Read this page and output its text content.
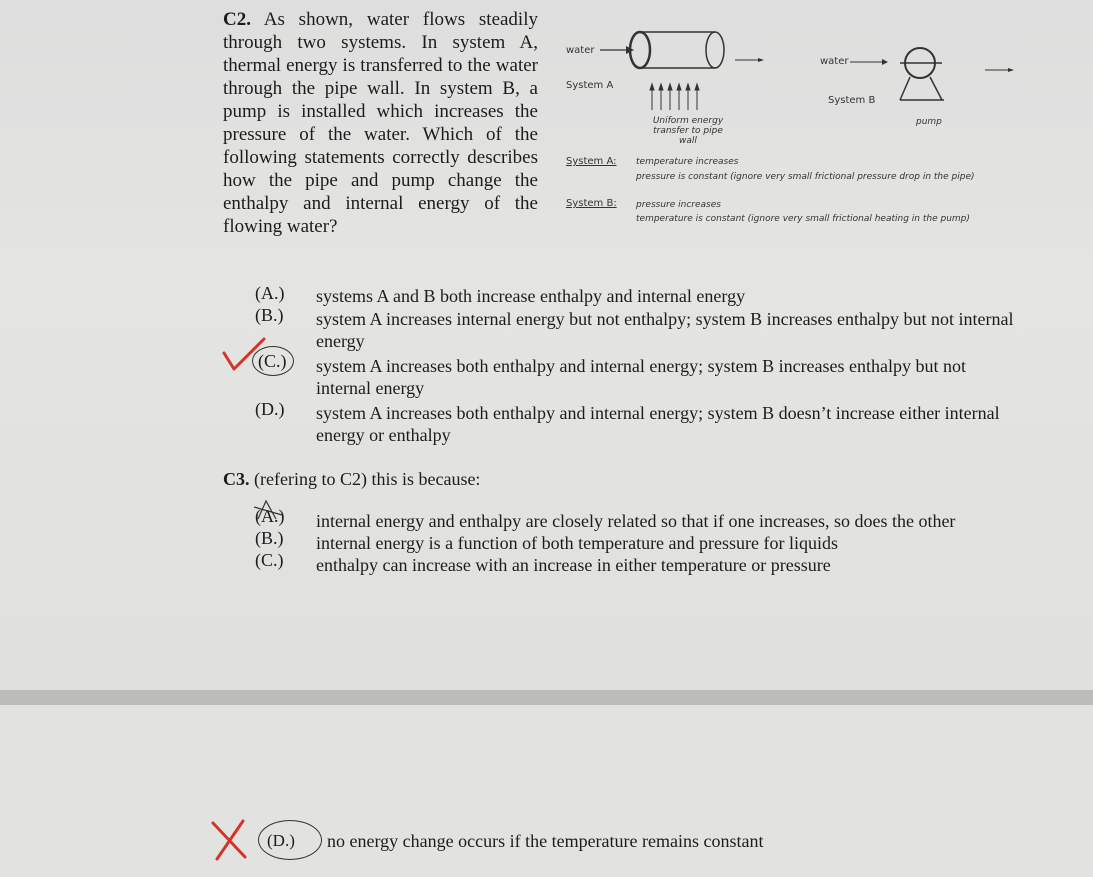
C2. As shown, water flows steadily through two systems. In system A, thermal energy is transferred to the water through the pipe wall. In system B, a pump is installed which increases the pressure of the water. Which of the following statements correctly describes how the pipe and pump change the enthalpy and internal energy of the flowing water?
water
System A
Uniform energy transfer to pipe wall
water
System B
pump
System A: temperature increases
pressure is constant (ignore very small frictional pressure drop in the pipe)
System B: pressure increases
temperature is constant (ignore very small frictional heating in the pump)
(A.) systems A and B both increase enthalpy and internal energy
(B.) system A increases internal energy but not enthalpy; system B increases enthalpy but not internal energy
(C.) system A increases both enthalpy and internal energy; system B increases enthalpy but not internal energy
(D.) system A increases both enthalpy and internal energy; system B doesn’t increase either internal energy or enthalpy
C3. (refering to C2) this is because:
(A.) internal energy and enthalpy are closely related so that if one increases, so does the other
(B.) internal energy is a function of both temperature and pressure for liquids
(C.) enthalpy can increase with an increase in either temperature or pressure
(D.) no energy change occurs if the temperature remains constant
